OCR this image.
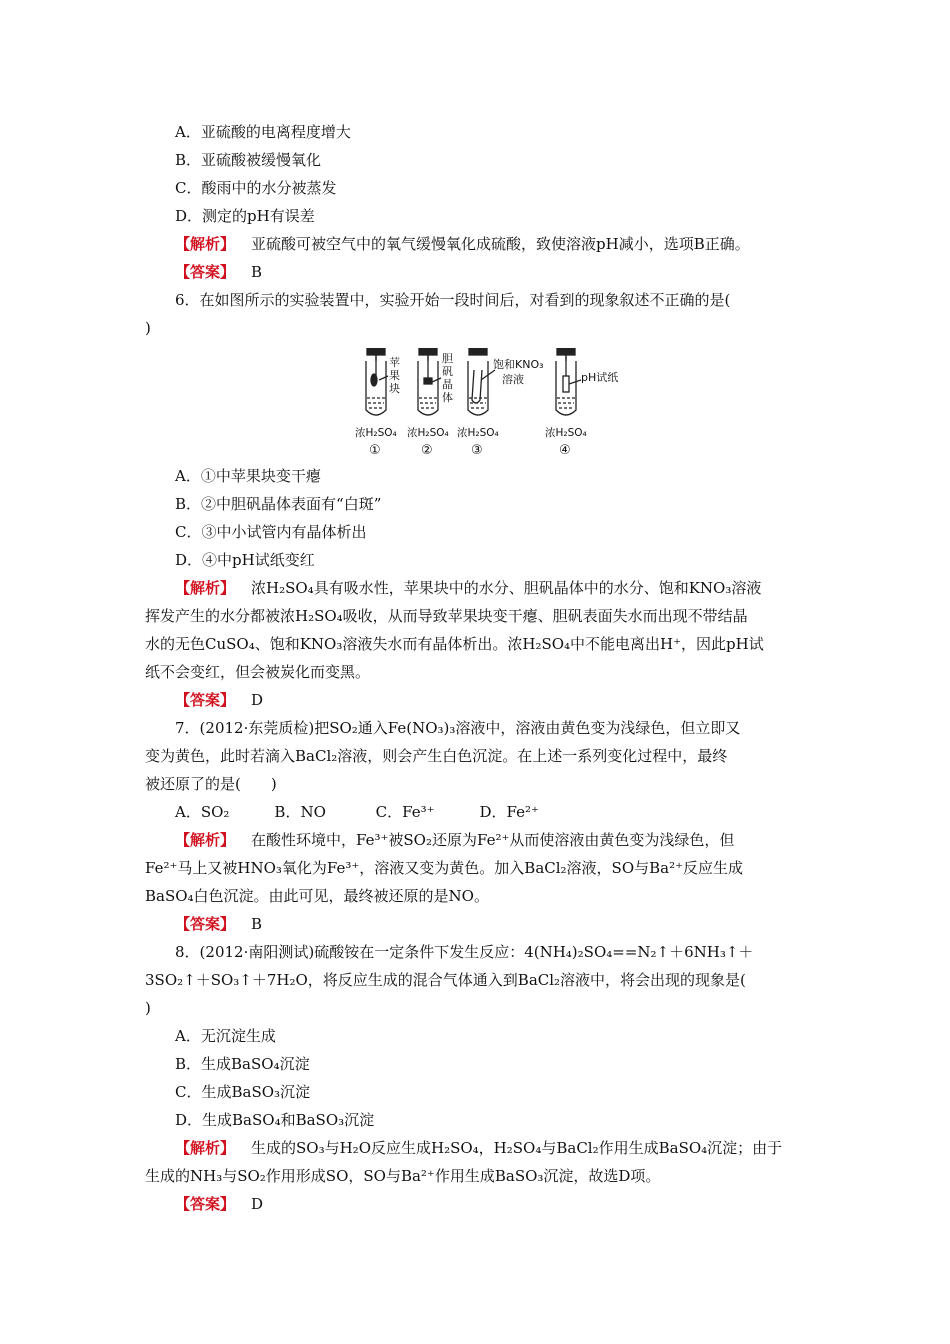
A．亚硫酸的电离程度增大
B．亚硫酸被缓慢氧化
C．酸雨中的水分被蒸发
D．测定的pH有误差
【解析】 亚硫酸可被空气中的氧气缓慢氧化成硫酸，致使溶液pH减小，选项B正确。
【答案】 B
6．在如图所示的实验装置中，实验开始一段时间后，对看到的现象叙述不正确的是(
)
苹
果
块
胆
矾
晶
体
饱和KNO₃
溶液	pH试纸
浓H₂SO₄ 浓H₂SO₄ 浓H₂SO₄	浓H₂SO₄
①	②	③	④
A．①中苹果块变干瘪
B．②中胆矾晶体表面有“白斑”
C．③中小试管内有晶体析出
D．④中pH试纸变红
【解析】 浓H₂SO₄具有吸水性，苹果块中的水分、胆矾晶体中的水分、饱和KNO₃溶液
挥发产生的水分都被浓H₂SO₄吸收，从而导致苹果块变干瘪、胆矾表面失水而出现不带结晶
水的无色CuSO₄、饱和KNO₃溶液失水而有晶体析出。浓H₂SO₄中不能电离出H⁺，因此pH试
纸不会变红，但会被炭化而变黑。
【答案】 D
7．(2012·东莞质检)把SO₂通入Fe(NO₃)₃溶液中，溶液由黄色变为浅绿色，但立即又
变为黄色，此时若滴入BaCl₂溶液，则会产生白色沉淀。在上述一系列变化过程中，最终
被还原了的是(　　)
A．SO₂　　　B．NO　　　 C．Fe³⁺　　　D．Fe²⁺
【解析】 在酸性环境中，Fe³⁺被SO₂还原为Fe²⁺从而使溶液由黄色变为浅绿色，但
Fe²⁺马上又被HNO₃氧化为Fe³⁺，溶液又变为黄色。加入BaCl₂溶液，SO与Ba²⁺反应生成
BaSO₄白色沉淀。由此可见，最终被还原的是NO。
【答案】 B
8．(2012·南阳测试)硫酸铵在一定条件下发生反应：4(NH₄)₂SO₄==N₂↑＋6NH₃↑＋
3SO₂↑＋SO₃↑＋7H₂O，将反应生成的混合气体通入到BaCl₂溶液中，将会出现的现象是(
)
A．无沉淀生成
B．生成BaSO₄沉淀
C．生成BaSO₃沉淀
D．生成BaSO₄和BaSO₃沉淀
【解析】 生成的SO₃与H₂O反应生成H₂SO₄，H₂SO₄与BaCl₂作用生成BaSO₄沉淀；由于
生成的NH₃与SO₂作用形成SO，SO与Ba²⁺作用生成BaSO₃沉淀，故选D项。
【答案】 D
